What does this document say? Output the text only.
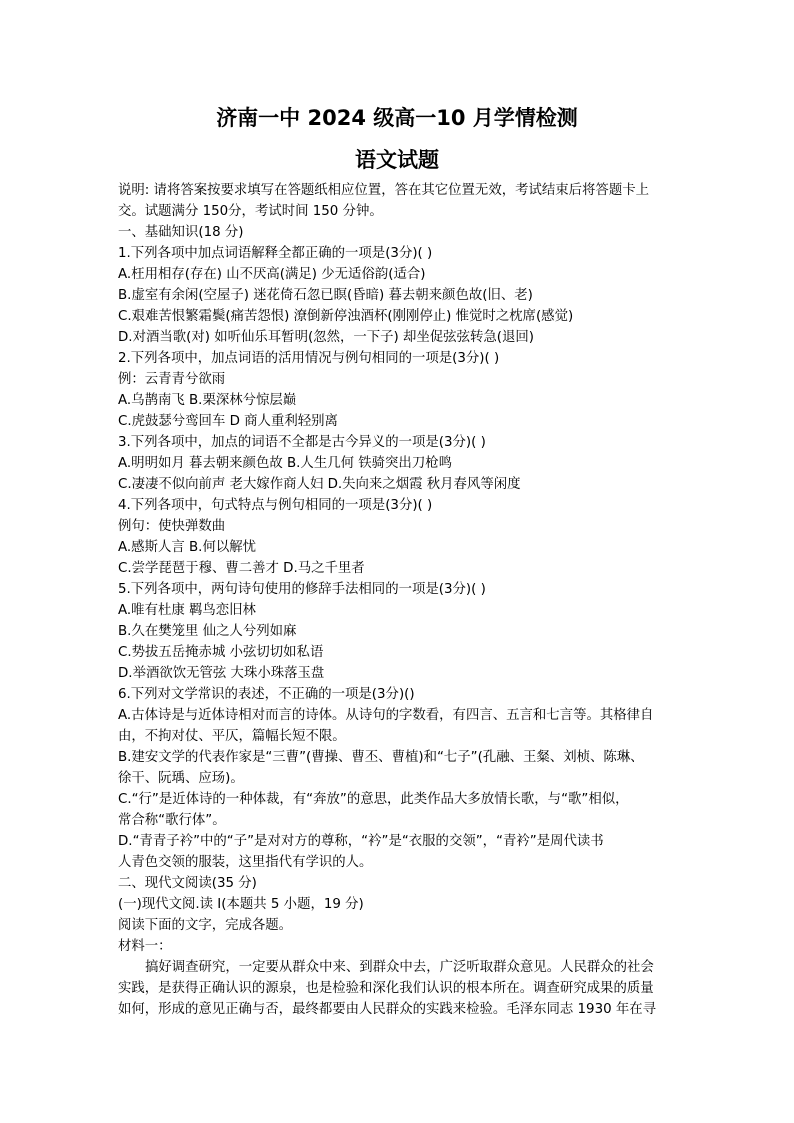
济南一中 2024 级高一10 月学情检测
语文试题
说明: 请将答案按要求填写在答题纸相应位置，答在其它位置无效，考试结束后将答题卡上
交。试题满分 150分，考试时间 150 分钟。
一、基础知识(18 分)
1.下列各项中加点词语解释全都正确的一项是(3分)( )
A.枉用相存(存在) 山不厌高(满足) 少无适俗韵(适合)
B.虚室有余闲(空屋子) 迷花倚石忽已瞑(昏暗) 暮去朝来颜色故(旧、老)
C.艰难苦恨繁霜鬓(痛苦怨恨) 潦倒新停浊酒杯(刚刚停止) 惟觉时之枕席(感觉)
D.对酒当歌(对) 如听仙乐耳暂明(忽然，一下子) 却坐促弦弦转急(退回)
2.下列各项中，加点词语的活用情况与例句相同的一项是(3分)( )
例：云青青兮欲雨
A.乌鹊南飞 B.栗深林兮惊层巅
C.虎鼓瑟兮鸾回车 D 商人重利轻别离
3.下列各项中，加点的词语不全都是古今异义的一项是(3分)( )
A.明明如月 暮去朝来颜色故 B.人生几何 铁骑突出刀枪鸣
C.凄凄不似向前声 老大嫁作商人妇 D.失向来之烟霞 秋月春风等闲度
4.下列各项中，句式特点与例句相同的一项是(3分)( )
例句：使快弹数曲
A.感斯人言 B.何以解忧
C.尝学琵琶于穆、曹二善才 D.马之千里者
5.下列各项中，两句诗句使用的修辞手法相同的一项是(3分)( )
A.唯有杜康 羁鸟恋旧林
B.久在樊笼里 仙之人兮列如麻
C.势拔五岳掩赤城 小弦切切如私语
D.举酒欲饮无管弦 大珠小珠落玉盘
6.下列对文学常识的表述，不正确的一项是(3分)()
A.古体诗是与近体诗相对而言的诗体。从诗句的字数看，有四言、五言和七言等。其格律自
由，不拘对仗、平仄，篇幅长短不限。
B.建安文学的代表作家是“三曹”(曹操、曹丕、曹植)和“七子”(孔融、王粲、刘桢、陈琳、
徐干、阮瑀、应玚)。
C.“行”是近体诗的一种体裁，有“奔放”的意思，此类作品大多放情长歌，与“歌”相似，
常合称“歌行体”。
D.“青青子衿”中的“子”是对对方的尊称，“衿”是“衣服的交领”，“青衿”是周代读书
人青色交领的服装，这里指代有学识的人。
二、现代文阅读(35 分)
(一)现代文阅.读 I(本题共 5 小题，19 分)
阅读下面的文字，完成各题。
材料一：
搞好调查研究，一定要从群众中来、到群众中去，广泛听取群众意见。人民群众的社会
实践，是获得正确认识的源泉，也是检验和深化我们认识的根本所在。调查研究成果的质量
如何，形成的意见正确与否，最终都要由人民群众的实践来检验。毛泽东同志 1930 年在寻
